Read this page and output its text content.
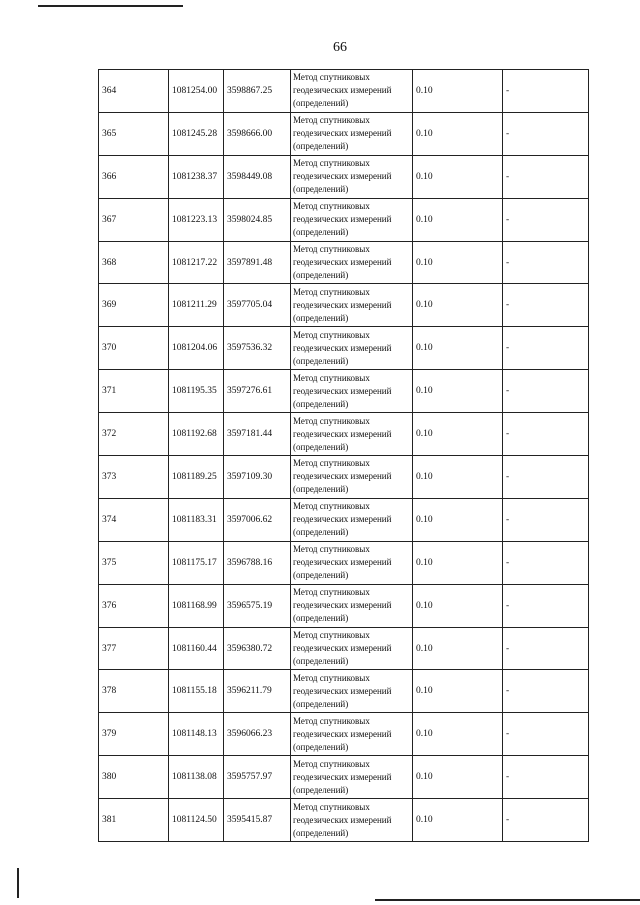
66
364	1081254.00	3598867.25	Метод спутниковых
геодезических измерений
(определений)	0.10	-
365	1081245.28	3598666.00	Метод спутниковых
геодезических измерений
(определений)	0.10	-
366	1081238.37	3598449.08	Метод спутниковых
геодезических измерений
(определений)	0.10	-
367	1081223.13	3598024.85	Метод спутниковых
геодезических измерений
(определений)	0.10	-
368	1081217.22	3597891.48	Метод спутниковых
геодезических измерений
(определений)	0.10	-
369	1081211.29	3597705.04	Метод спутниковых
геодезических измерений
(определений)	0.10	-
370	1081204.06	3597536.32	Метод спутниковых
геодезических измерений
(определений)	0.10	-
371	1081195.35	3597276.61	Метод спутниковых
геодезических измерений
(определений)	0.10	-
372	1081192.68	3597181.44	Метод спутниковых
геодезических измерений
(определений)	0.10	-
373	1081189.25	3597109.30	Метод спутниковых
геодезических измерений
(определений)	0.10	-
374	1081183.31	3597006.62	Метод спутниковых
геодезических измерений
(определений)	0.10	-
375	1081175.17	3596788.16	Метод спутниковых
геодезических измерений
(определений)	0.10	-
376	1081168.99	3596575.19	Метод спутниковых
геодезических измерений
(определений)	0.10	-
377	1081160.44	3596380.72	Метод спутниковых
геодезических измерений
(определений)	0.10	-
378	1081155.18	3596211.79	Метод спутниковых
геодезических измерений
(определений)	0.10	-
379	1081148.13	3596066.23	Метод спутниковых
геодезических измерений
(определений)	0.10	-
380	1081138.08	3595757.97	Метод спутниковых
геодезических измерений
(определений)	0.10	-
381	1081124.50	3595415.87	Метод спутниковых
геодезических измерений
(определений)	0.10	-
